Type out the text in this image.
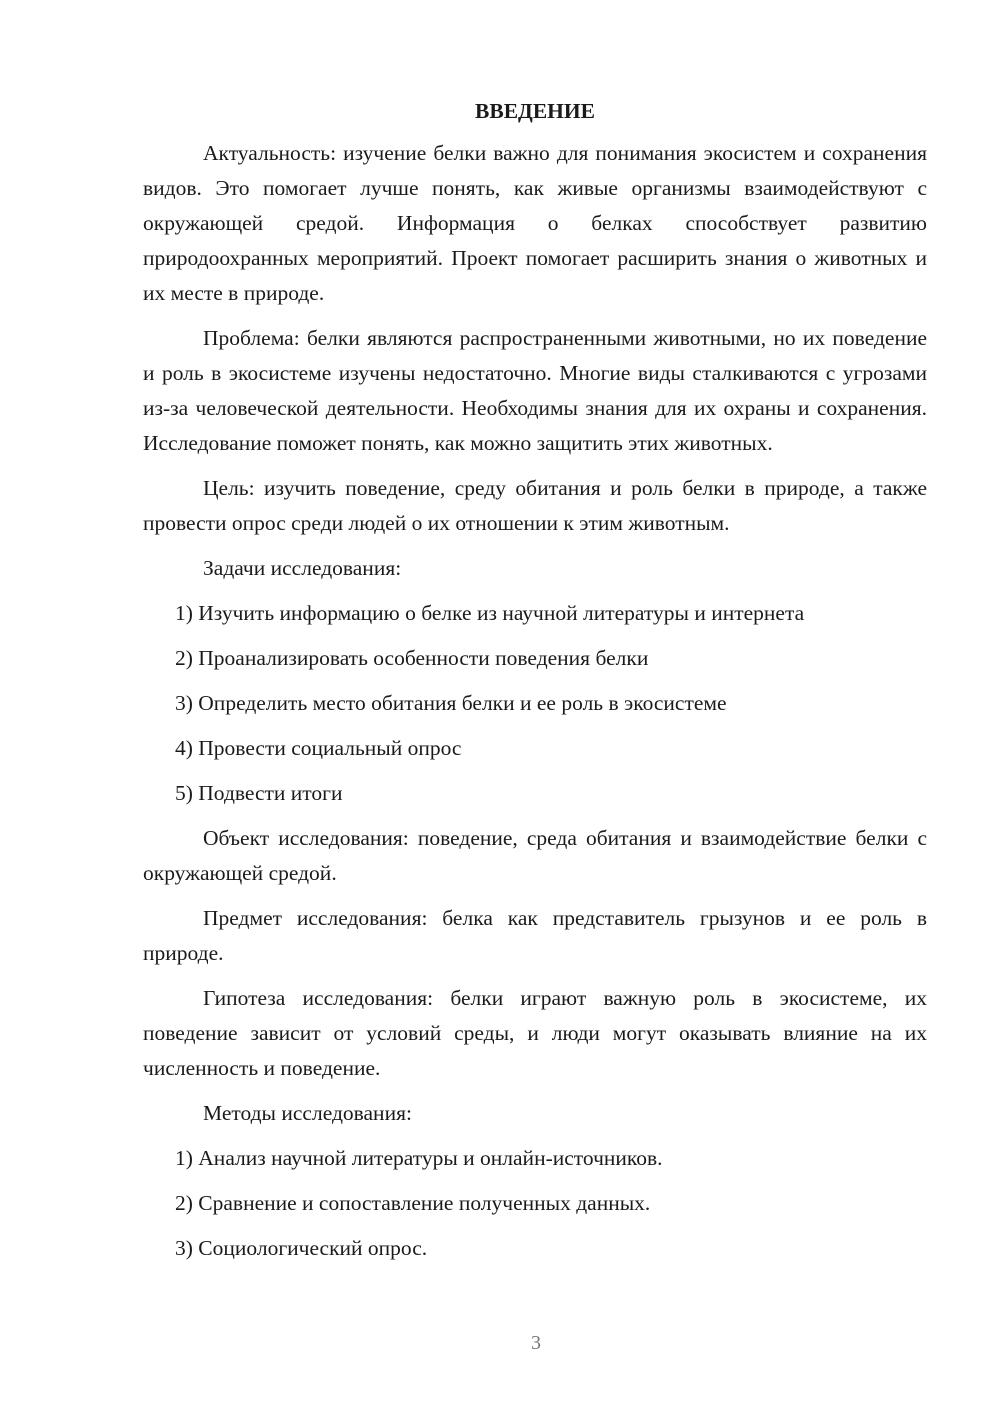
ВВЕДЕНИЕ

Актуальность: изучение белки важно для понимания экосистем и сохранения видов. Это помогает лучше понять, как живые организмы взаимодействуют с окружающей средой. Информация о белках способствует развитию природоохранных мероприятий. Проект помогает расширить знания о животных и их месте в природе.

Проблема: белки являются распространенными животными, но их поведение и роль в экосистеме изучены недостаточно. Многие виды сталкиваются с угрозами из-за человеческой деятельности. Необходимы знания для их охраны и сохранения. Исследование поможет понять, как можно защитить этих животных.

Цель: изучить поведение, среду обитания и роль белки в природе, а также провести опрос среди людей о их отношении к этим животным.

Задачи исследования:

1) Изучить информацию о белке из научной литературы и интернета
2) Проанализировать особенности поведения белки
3) Определить место обитания белки и ее роль в экосистеме
4) Провести социальный опрос
5) Подвести итоги

Объект исследования: поведение, среда обитания и взаимодействие белки с окружающей средой.

Предмет исследования: белка как представитель грызунов и ее роль в природе.

Гипотеза исследования: белки играют важную роль в экосистеме, их поведение зависит от условий среды, и люди могут оказывать влияние на их численность и поведение.

Методы исследования:

1) Анализ научной литературы и онлайн-источников.
2) Сравнение и сопоставление полученных данных.
3) Социологический опрос.
3
